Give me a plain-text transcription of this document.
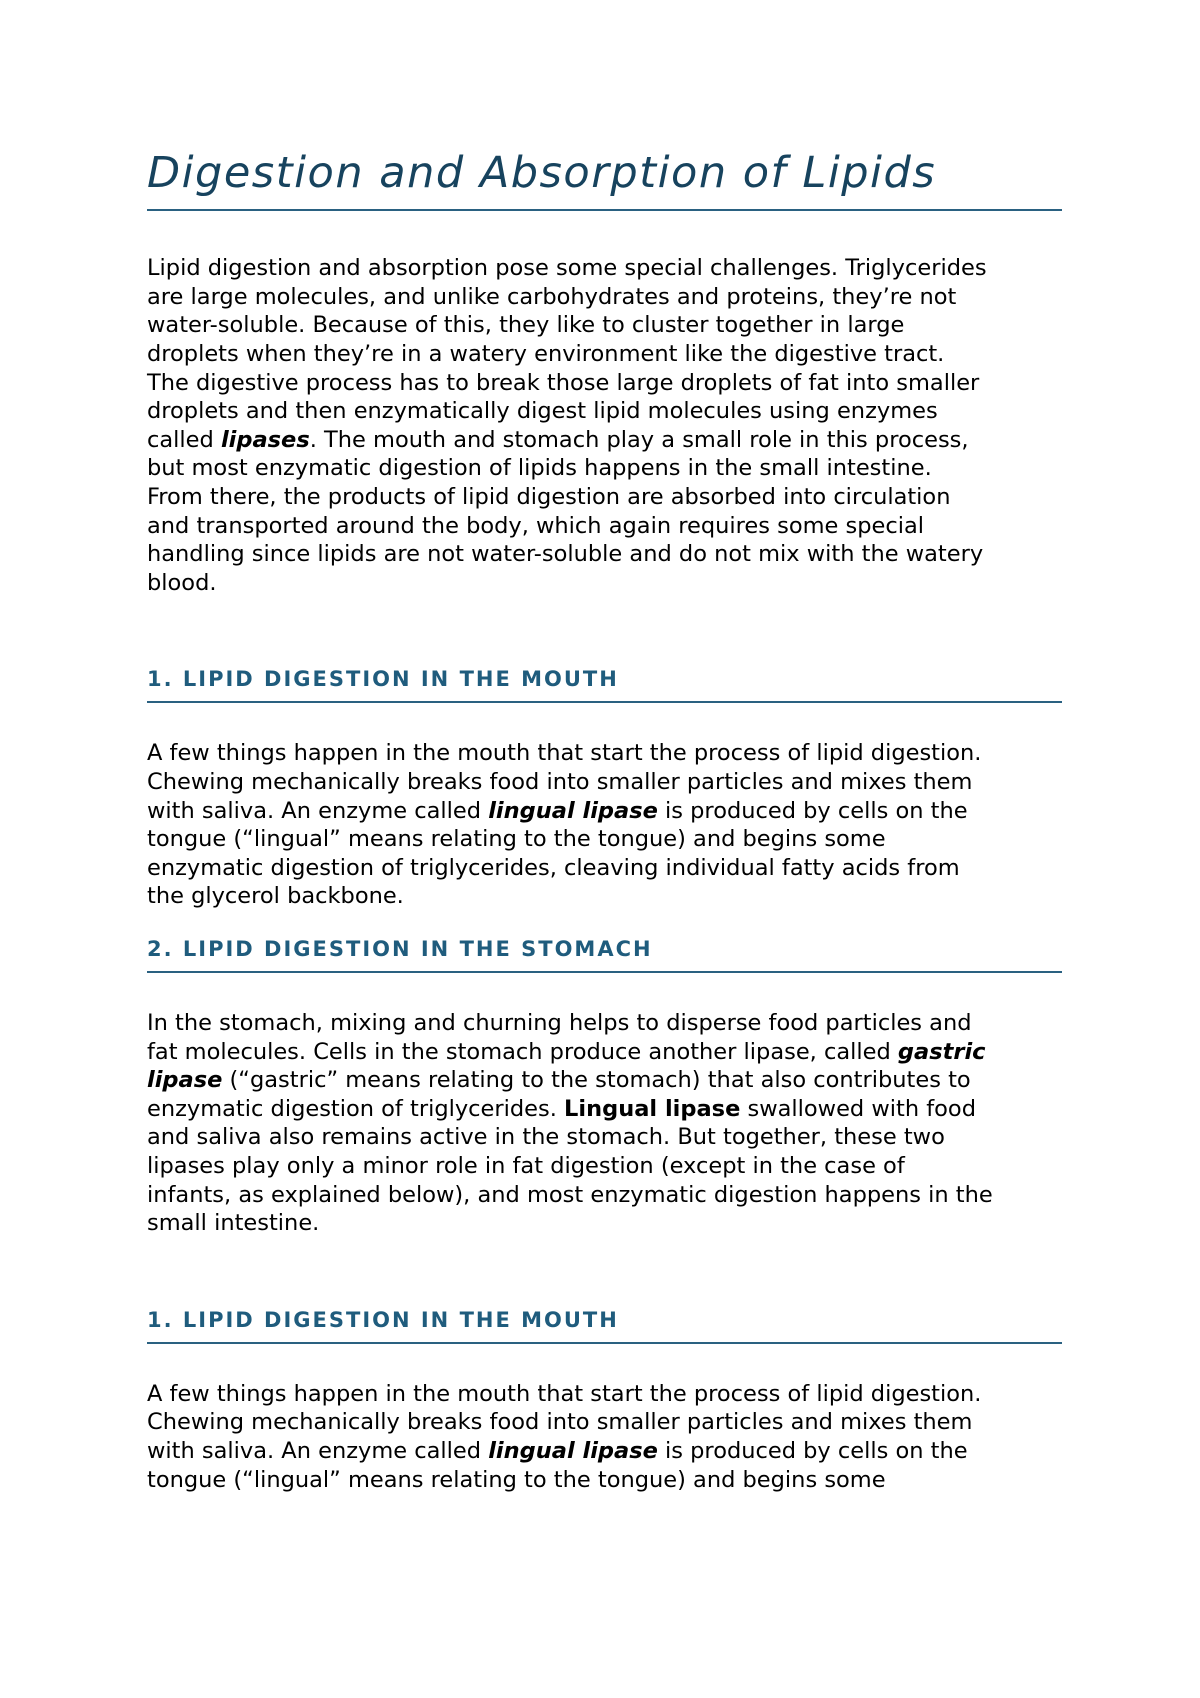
Digestion and Absorption of Lipids
Lipid digestion and absorption pose some special challenges. Triglycerides
are large molecules, and unlike carbohydrates and proteins, they’re not
water-soluble. Because of this, they like to cluster together in large
droplets when they’re in a watery environment like the digestive tract.
The digestive process has to break those large droplets of fat into smaller
droplets and then enzymatically digest lipid molecules using enzymes
called lipases. The mouth and stomach play a small role in this process,
but most enzymatic digestion of lipids happens in the small intestine.
From there, the products of lipid digestion are absorbed into circulation
and transported around the body, which again requires some special
handling since lipids are not water-soluble and do not mix with the watery
blood.
1. LIPID DIGESTION IN THE MOUTH
A few things happen in the mouth that start the process of lipid digestion.
Chewing mechanically breaks food into smaller particles and mixes them
with saliva. An enzyme called lingual lipase is produced by cells on the
tongue (“lingual” means relating to the tongue) and begins some
enzymatic digestion of triglycerides, cleaving individual fatty acids from
the glycerol backbone.
2. LIPID DIGESTION IN THE STOMACH
In the stomach, mixing and churning helps to disperse food particles and
fat molecules. Cells in the stomach produce another lipase, called gastric
lipase (“gastric” means relating to the stomach) that also contributes to
enzymatic digestion of triglycerides. Lingual lipase swallowed with food
and saliva also remains active in the stomach. But together, these two
lipases play only a minor role in fat digestion (except in the case of
infants, as explained below), and most enzymatic digestion happens in the
small intestine.
1. LIPID DIGESTION IN THE MOUTH
A few things happen in the mouth that start the process of lipid digestion.
Chewing mechanically breaks food into smaller particles and mixes them
with saliva. An enzyme called lingual lipase is produced by cells on the
tongue (“lingual” means relating to the tongue) and begins some
